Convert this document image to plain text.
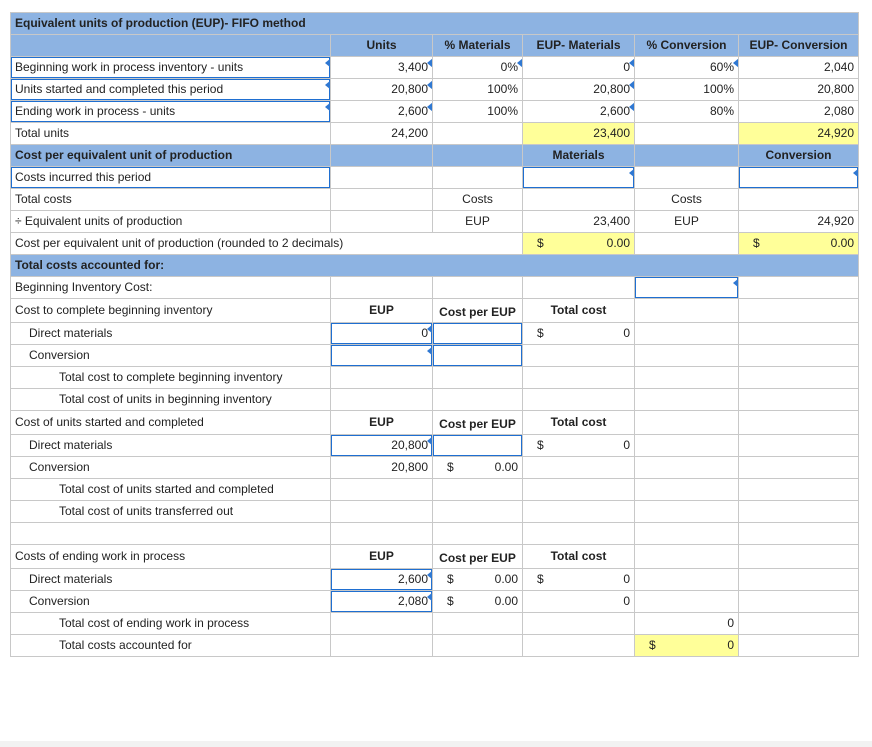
Equivalent units of production (EUP)- FIFO method					
	Units	% Materials	EUP- Materials	% Conversion	EUP- Conversion
Beginning work in process inventory - units	3,400	0%	0	60%	2,040
Units started and completed this period	20,800	100%	20,800	100%	20,800
Ending work in process - units	2,600	100%	2,600	80%	2,080
Total units	24,200		23,400		24,920
Cost per equivalent unit of production			Materials		Conversion
Costs incurred this period					
Total costs		Costs		Costs	
÷ Equivalent units of production		EUP	23,400	EUP	24,920
Cost per equivalent unit of production (rounded to 2 decimals)			$ 0.00		$ 0.00

Total costs accounted for:					
Beginning Inventory Cost:					
Cost to complete beginning inventory	EUP	Cost per EUP	Total cost		
Direct materials	0		$ 0		

Conversion					
Total cost to complete beginning inventory					
Total cost of units in beginning inventory					
Cost of units started and completed	EUP	Cost per EUP	Total cost		
Direct materials	20,800		$ 0		

Conversion	20,800	$ 0.00			

Total cost of units started and completed					
Total cost of units transferred out					

Costs of ending work in process	EUP	Cost per EUP	Total cost		
Direct materials	2,600	$ 0.00	$ 0		

Conversion	2,080	$ 0.00	0		
Total cost of ending work in process				0	
Total costs accounted for				$ 0	
